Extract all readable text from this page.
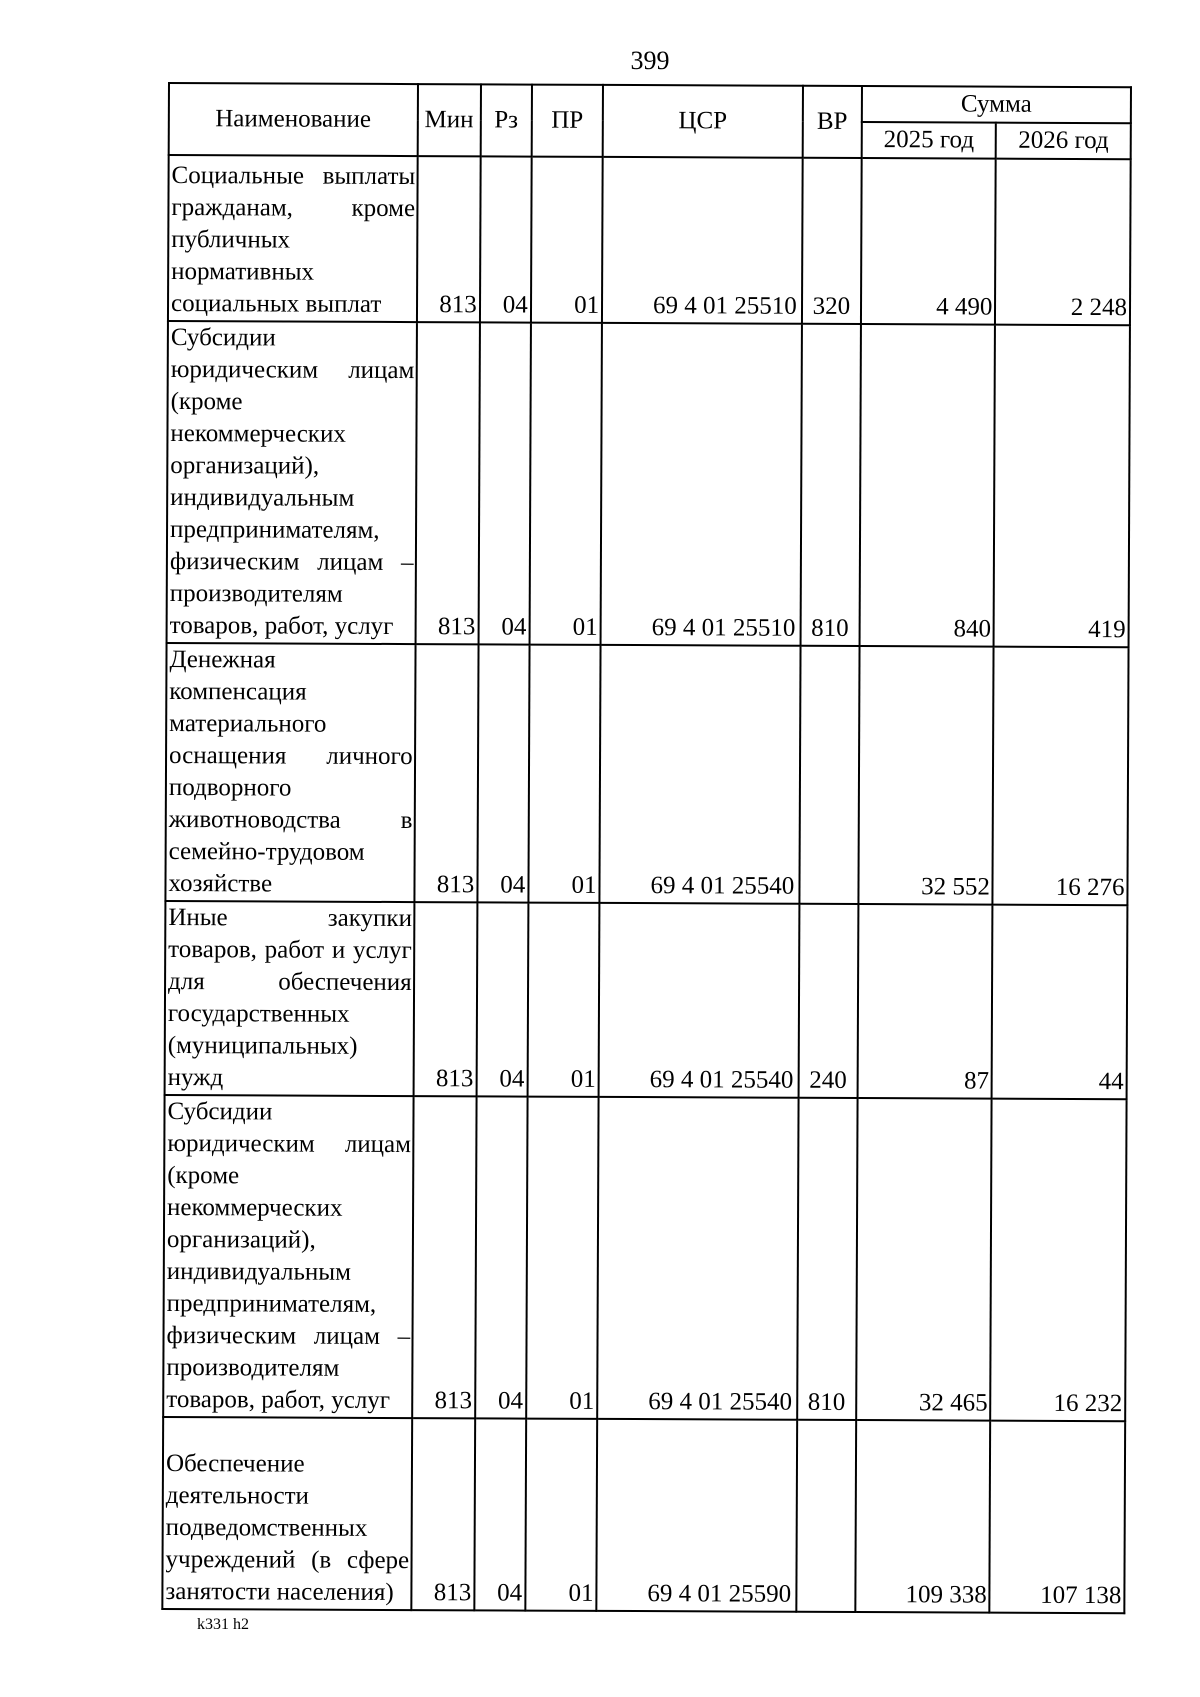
399
Наименование	Мин	Рз	ПР	ЦСР	ВР	Сумма	
						2025 год	2026 год
Социальные выплаты гражданам, кроме публичных нормативных социальных выплат	813	04	01	69 4 01 25510	320	4 490	2 248
Субсидии юридическим лицам (кроме некоммерческих организаций), индивидуальным предпринимателям, физическим лицам – производителям товаров, работ, услуг	813	04	01	69 4 01 25510	810	840	419
Денежная компенсация материального оснащения личного подворного животноводства в семейно-трудовом хозяйстве	813	04	01	69 4 01 25540		32 552	16 276
Иные закупки товаров, работ и услуг для обеспечения государственных (муниципальных) нужд	813	04	01	69 4 01 25540	240	87	44
Субсидии юридическим лицам (кроме некоммерческих организаций), индивидуальным предпринимателям, физическим лицам – производителям товаров, работ, услуг	813	04	01	69 4 01 25540	810	32 465	16 232
Обеспечение деятельности подведомственных учреждений (в сфере занятости населения)	813	04	01	69 4 01 25590		109 338	107 138
k331 h2
